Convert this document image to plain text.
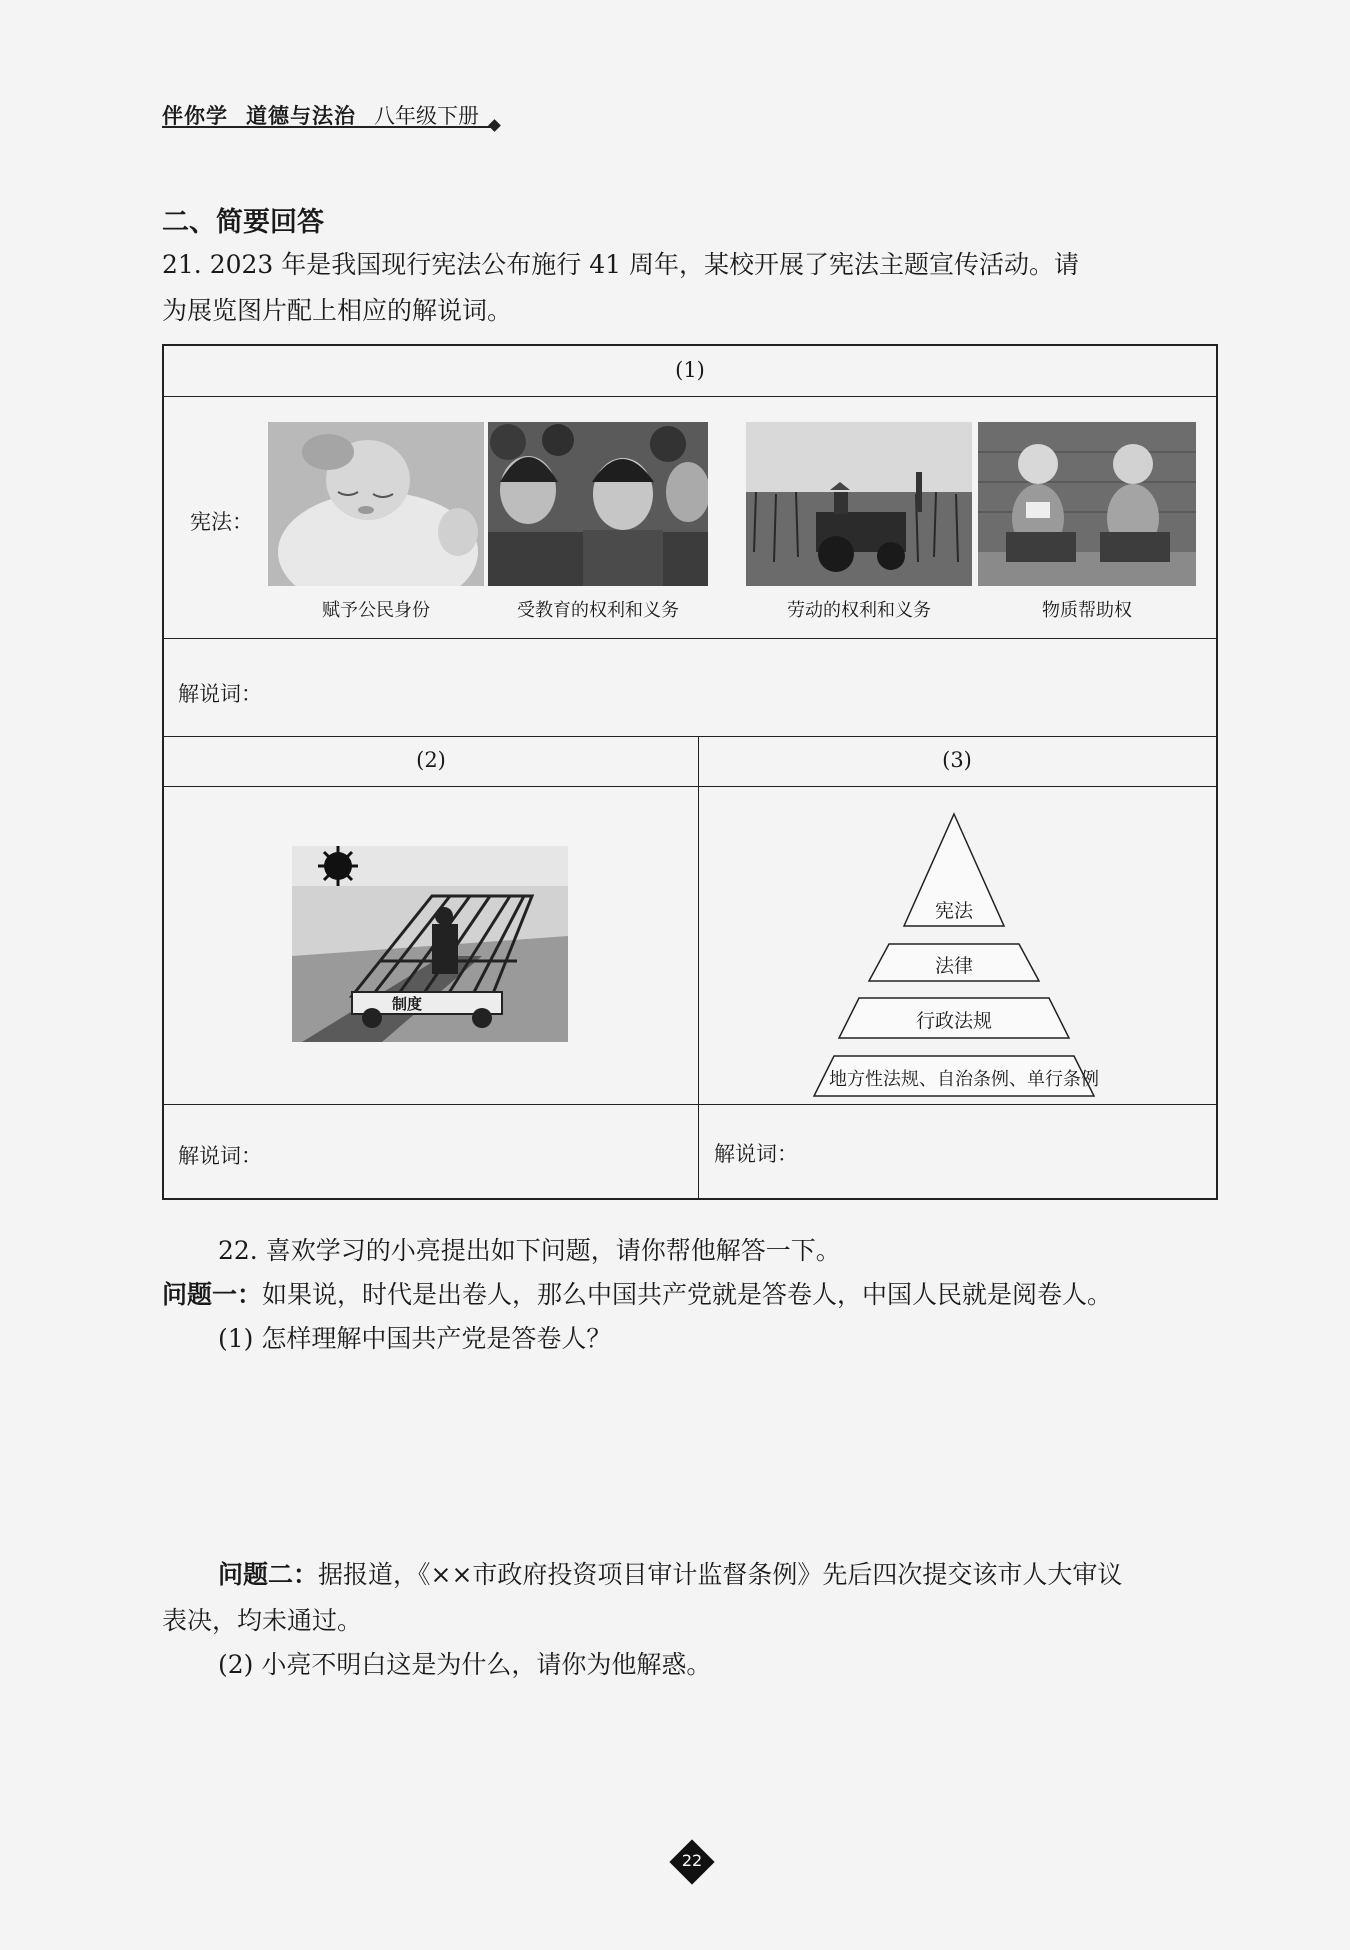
伴你学 道德与法治 八年级下册
二、简要回答
21. 2023 年是我国现行宪法公布施行 41 周年，某校开展了宪法主题宣传活动。请
为展览图片配上相应的解说词。
(1)
宪法：
赋予公民身份	受教育的权利和义务	劳动的权利和义务	物质帮助权
解说词：
(2)	(3)
制度
宪法
法律
行政法规
地方性法规、自治条例、单行条例
解说词：	解说词：
22. 喜欢学习的小亮提出如下问题，请你帮他解答一下。
问题一：如果说，时代是出卷人，那么中国共产党就是答卷人，中国人民就是阅卷人。
(1) 怎样理解中国共产党是答卷人？
问题二：据报道，《××市政府投资项目审计监督条例》先后四次提交该市人大审议
表决，均未通过。
(2) 小亮不明白这是为什么，请你为他解惑。
22
